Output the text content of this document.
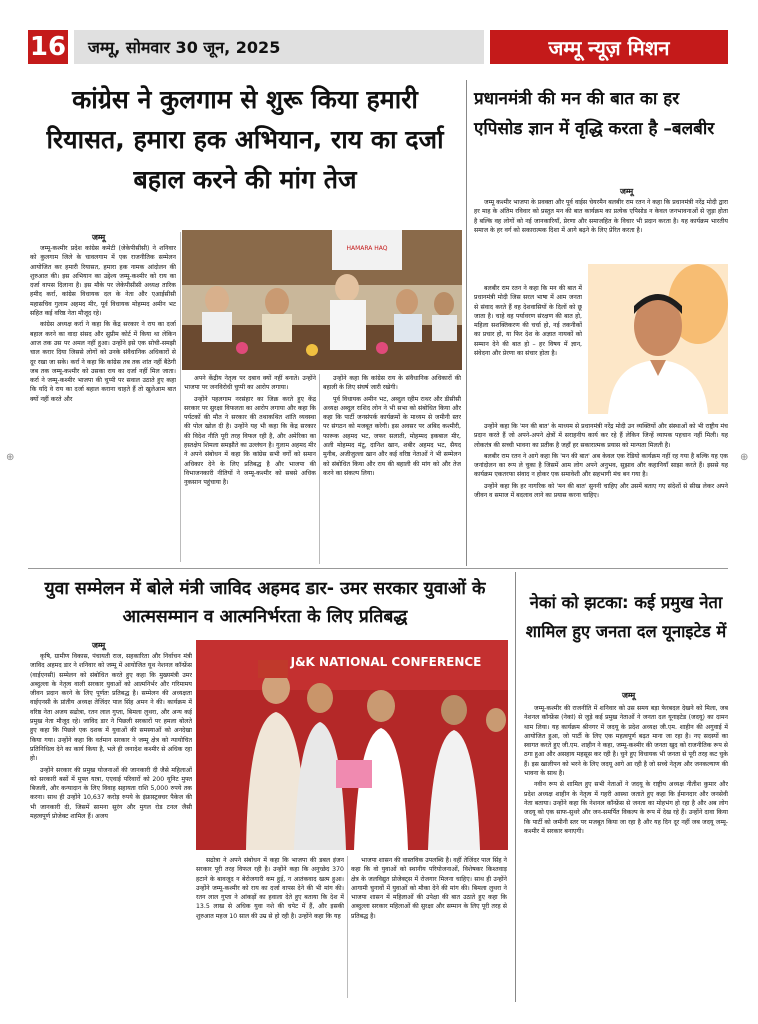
16	जम्मू, सोमवार 30 जून, 2025	जम्मू न्यूज़ मिशन
कांग्रेस ने कुलगाम से शुरू किया हमारी रियासत, हमारा हक अभियान, राय का दर्जा बहाल करने की मांग तेज
जम्मू

जम्मू-कश्मीर प्रदेश कांग्रेस कमेटी (जेकेपीसीसी) ने शनिवार को कुलगाम जिले के चावलगाम में एक राजनीतिक सम्मेलन आयोजित कर हमारी रियासत, हमारा हक नामक आंदोलन की शुरुआत की। इस अभियान का उद्देश्य जम्मू-कश्मीर को राय का दर्जा वापस दिलाना है। इस मौके पर जेकेपीसीसी अध्यक्ष तारिक हमीद कर्रा, कांग्रेस विधायक दल के नेता और एआईसीसी महासचिव गुलाम अहमद मीर, पूर्व विधायक मोहम्मद अमीन भट सहित कई वरिष्ठ नेता मौजूद रहे।

कांग्रेस अध्यक्ष कर्रा ने कहा कि केंद्र सरकार ने राय का दर्जा बहाल करने का वादा संसद और सुप्रीम कोर्ट में किया था लेकिन आज तक उस पर अमल नहीं हुआ। उन्होंने इसे एक सोची-समझी चाल करार दिया जिससे लोगों को उनके संवैधानिक अधिकारों से दूर रखा जा सके। कर्रा ने कहा कि कांग्रेस तब तक शांत नहीं बैठेगी जब तक जम्मू-कश्मीर को उसका राय का दर्जा नहीं मिल जाता। कर्रा ने जम्मू-कश्मीर भाजपा की चुप्पी पर सवाल उठाते हुए कहा कि यदि वे राय का दर्जा बहाल कराना चाहते हैं तो खुलेआम बात क्यों नहीं करते और

HAMARA HAQ

अपने केंद्रीय नेतृत्व पर दबाव क्यों नहीं बनाते। उन्होंने भाजपा पर जनविरोधी चुप्पी का आरोप लगाया।

उन्होंने पहलगाम नरसंहार का जिक्र करते हुए केंद्र सरकार पर सुरक्षा विफलता का आरोप लगाया और कहा कि पर्यटकों की मौत ने सरकार की तथाकथित शांति व्यवस्था की पोल खोल दी है। उन्होंने यह भी कहा कि केंद्र सरकार की विदेश नीति पूरी तरह विफल रही है, और अमेरिका का हस्तक्षेप शिमला समझौते का उल्लंघन है। गुलाम अहमद मीर ने अपने संबोधन में कहा कि कांग्रेस सभी वर्गों को समान अधिकार देने के लिए प्रतिबद्ध है और भाजपा की विभाजनकारी नीतियों ने जम्मू-कश्मीर को सबसे अधिक नुकसान पहुंचाया है।

उन्होंने कहा कि कांग्रेस राय के संवैधानिक अधिकारों की बहाली के लिए संघर्ष जारी रखेगी।

पूर्व विधायक अमीन भट, अब्दुल रहीम राथर और डीसीसी अध्यक्ष अब्दुल राशिद लोन ने भी सभा को संबोधित किया और कहा कि पार्टी जनसंपर्क कार्यक्रमों के माध्यम से जमीनी स्तर पर संगठन को मजबूत करेगी। इस अवसर पर अबिद कश्मीरी, फारूक अहमद भट, जफर सलाती, मोहम्मद इकबाल मीर, अली मोहम्मद मंटू, दानिश खान, शबीर अहमद भट, सैयद मुनीब, अजीजुल्ला खान और कई वरिष्ठ नेताओं ने भी सम्मेलन को संबोधित किया और राय की बहाली की मांग को और तेज करने का संकल्प लिया।

प्रधानमंत्री की मन की बात का हर एपिसोड ज्ञान में वृद्धि करता है –बलबीर
जम्मू

जम्मू कश्मीर भाजपा के प्रवक्ता और पूर्व वाईस चेयरमैन बलबीर राम रतन ने कहा कि प्रधानमंत्री नरेंद्र मोदी द्वारा हर माह के अंतिम रविवार को प्रस्तुत मन की बात कार्यक्रम का प्रत्येक एपिसोड न केवल जनभावनाओं से जुड़ा होता है बल्कि वह लोगों को नई जानकारियाँ, प्रेरणा और समाजहित के विचार भी प्रदान करता है। यह कार्यक्रम भारतीय समाज के हर वर्ग को सकारात्मक दिशा में आगे बढ़ने के लिए प्रेरित करता है।

बलबीर राम रतन ने कहा कि मन की बात में प्रधानमंत्री मोदी जिस सरल भाषा में आम जनता से संवाद करते हैं वह देशवासियों के दिलों को छू जाता है। चाहे वह पर्यावरण संरक्षण की बात हो, महिला सशक्तिकरण की चर्चा हो, नई तकनीकों का प्रचार हो, या फिर देश के अज्ञात नायकों को सम्मान देने की बात हो – हर विषय में ज्ञान, संवेदना और प्रेरणा का संचार होता है।

उन्होंने कहा कि 'मन की बात' के माध्यम से प्रधानमंत्री नरेंद्र मोदी उन व्यक्तियों और संस्थाओं को भी राष्ट्रीय मंच प्रदान करते हैं जो अपने-अपने क्षेत्रों में सराहनीय कार्य कर रहे हैं लेकिन जिन्हें व्यापक पहचान नहीं मिली। यह लोकतंत्र की सच्ची भावना का प्रतीक है जहाँ हर सकारात्मक प्रयास को मान्यता मिलती है।

बलबीर राम रतन ने आगे कहा कि 'मन की बात' अब केवल एक रेडियो कार्यक्रम नहीं रह गया है बल्कि यह एक जनांदोलन का रूप ले चुका है जिसमें आम लोग अपने अनुभव, सुझाव और कहानियाँ साझा करते हैं। इससे यह कार्यक्रम एकतरफा संवाद न होकर एक समावेशी और सहभागी मंच बन गया है।

उन्होंने कहा कि हर नागरिक को 'मन की बात' सुननी चाहिए और उसमें बताए गए संदेशों से सीख लेकर अपने जीवन व समाज में बदलाव लाने का प्रयास करना चाहिए।

⊕	⊕
युवा सम्मेलन में बोले मंत्री जाविद अहमद डार- उमर सरकार युवाओं के आत्मसम्मान व आत्मनिर्भरता के लिए प्रतिबद्ध
जम्मू

कृषि, ग्रामीण विकास, पंचायती राज, सहकारिता और निर्वाचन मंत्री जाविद अहमद डार ने शनिवार को जम्मू में आयोजित यूथ नेशनल कॉन्फ्रेंस (वाईएनसी) सम्मेलन को संबोधित करते हुए कहा कि मुख्यमंत्री उमर अब्दुल्ला के नेतृत्व वाली सरकार युवाओं को आत्मनिर्भर और गरिमामय जीवन प्रदान करने के लिए पूर्णतः प्रतिबद्ध है। सम्मेलन की अध्यक्षता वाईएनसी के प्रांतीय अध्यक्ष तेजिंदर पाल सिंह अमन ने की। कार्यक्रम में वरिष्ठ नेता अजय सढोत्रा, रतन लाल गुप्ता, बिमला लुथरा, और अन्य कई प्रमुख नेता मौजूद रहे। जाविद डार ने पिछली सरकारों पर हमला बोलते हुए कहा कि पिछले एक दशक में युवाओं की समस्याओं को अनदेखा किया गया। उन्होंने कहा कि वर्तमान सरकार ने जम्मू क्षेत्र को न्यायोचित प्रतिनिधित्व देने का कार्य किया है, भले ही जनादेश कश्मीर से अधिक रहा हो।

उन्होंने सरकार की प्रमुख योजनाओं की जानकारी दी जैसे महिलाओं को सरकारी बसों में मुफ्त यात्रा, एएवाई परिवारों को 200 यूनिट मुफ्त बिजली, और कन्यादान के लिए विवाह सहायता राशि 5,000 रुपये तक करना। साथ ही उन्होंने 10,637 करोड़ रुपये के इंफ्रास्ट्रक्चर पैकेज की भी जानकारी दी, जिसमें सामना सुरंग और मुगल रोड टनल जैसी महत्वपूर्ण प्रोजेक्ट शामिल हैं। अजय

J&K NATIONAL CONFERENCE

सढोत्रा ने अपने संबोधन में कहा कि भाजपा की डबल इंजन सरकार पूरी तरह विफल रही है। उन्होंने कहा कि अनुच्छेद 370 हटाने के बावजूद न बेरोजगारी कम हुई, न आतंकवाद खत्म हुआ। उन्होंने जम्मू-कश्मीर को राय का दर्जा वापस देने की भी मांग की। रतन लाल गुप्ता ने आंकड़ों का हवाला देते हुए बताया कि देश में 13.5 लाख से अधिक युवा नशे की चपेट में हैं, और इसकी शुरुआत महज 10 साल की उम्र से हो रही है। उन्होंने कहा कि यह

भाजपा शासन की वास्तविक उपलब्धि है। वहीं तेजिंदर पाल सिंह ने कहा कि वो युवाओं को स्थानीय परियोजनाओं, विशेषकर किश्तवाड़ क्षेत्र के जलविद्युत प्रोजेक्ट्स में रोजगार मिलना चाहिए। साथ ही उन्होंने आगामी चुनावों में युवाओं को मौका देने की मांग की। बिमला लुथरा ने भाजपा शासन में महिलाओं की उपेक्षा की बात उठाते हुए कहा कि अब्दुल्ला सरकार महिलाओं की सुरक्षा और सम्मान के लिए पूरी तरह से प्रतिबद्ध है।

नेकां को झटका: कई प्रमुख नेता शामिल हुए जनता दल यूनाइटेड में
जम्मू

जम्मू-कश्मीर की राजनीति में शनिवार को उस समय बड़ा फेरबदल देखने को मिला, जब नेशनल कॉन्फ्रेंस (नेकां) से जुड़े कई प्रमुख नेताओं ने जनता दल यूनाइटेड (जदयू) का दामन थाम लिया। यह कार्यक्रम श्रीनगर में जदयू के प्रदेश अध्यक्ष जी.एम. शाहीन की अगुवाई में आयोजित हुआ, जो पार्टी के लिए एक महत्वपूर्ण बढ़त माना जा रहा है। नए सदस्यों का स्वागत करते हुए जी.एम. शाहीन ने कहा, जम्मू-कश्मीर की जनता खुद को राजनीतिक रूप से ठगा हुआ और असहाय महसूस कर रही है। चुने हुए विधायक भी जनता से पूरी तरह कट चुके हैं। इस खालीपन को भरने के लिए जदयू आगे आ रही है जो सच्चे नेतृत्व और जनकल्याण की भावना के साथ है।

नवीन रूप से शामिल हुए सभी नेताओं ने जदयू के राष्ट्रीय अध्यक्ष नीतीश कुमार और प्रदेश अध्यक्ष शाहीन के नेतृत्व में गहरी आस्था जताते हुए कहा कि ईमानदार और जनसेवी नेता बताया। उन्होंने कहा कि नेशनल कॉन्फ्रेंस से जनता का मोहभंग हो रहा है और अब लोग जदयू को एक साफ-सुथरे और जन-समर्पित विकल्प के रूप में देख रहे हैं। उन्होंने दावा किया कि पार्टी को जमीनी स्तर पर मजबूत किया जा रहा है और यह दिन दूर नहीं जब जदयू जम्मू-कश्मीर में सरकार बनाएगी।
